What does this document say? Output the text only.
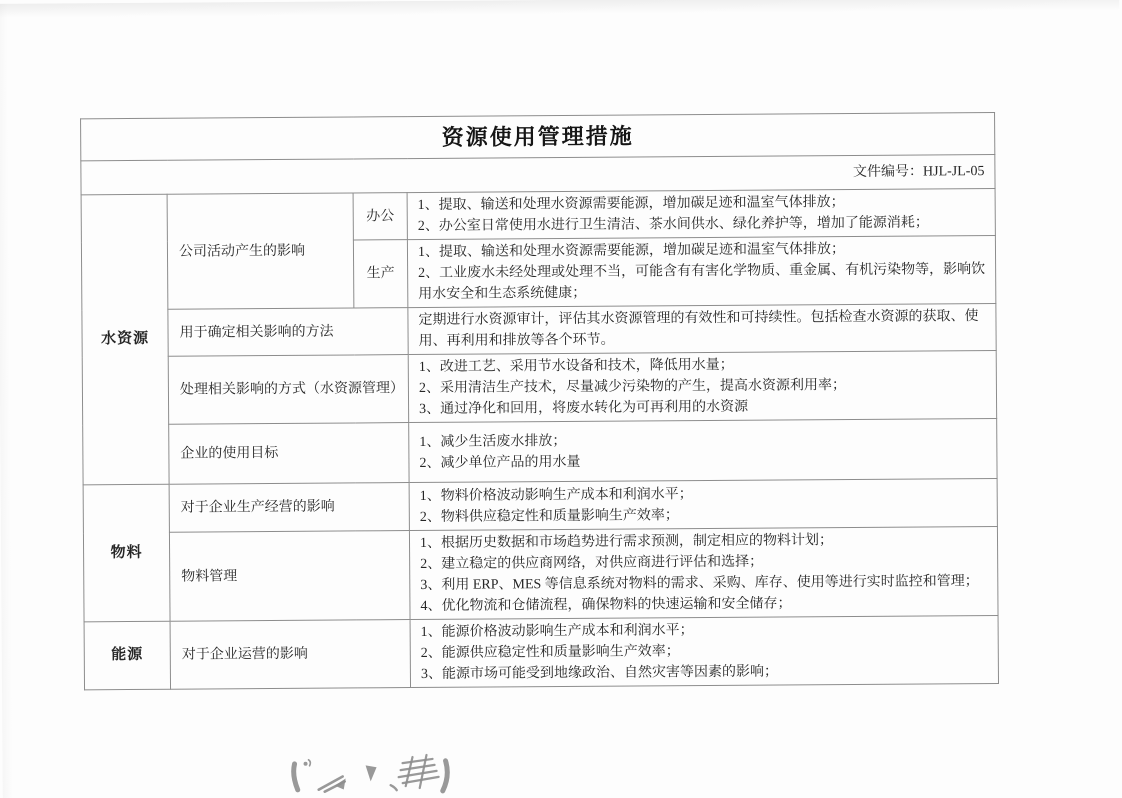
资源使用管理措施			
文件编号：HJL-JL-05			
水资源	公司活动产生的影响	办公	1、提取、输送和处理水资源需要能源，增加碳足迹和温室气体排放；
2、办公室日常使用水进行卫生清洁、茶水间供水、绿化养护等，增加了能源消耗；
		生产	1、提取、输送和处理水资源需要能源，增加碳足迹和温室气体排放；
2、工业废水未经处理或处理不当，可能含有有害化学物质、重金属、有机污染物等，影响饮用水安全和生态系统健康；
	用于确定相关影响的方法		定期进行水资源审计，评估其水资源管理的有效性和可持续性。包括检查水资源的获取、使用、再利用和排放等各个环节。
	处理相关影响的方式（水资源管理）		1、改进工艺、采用节水设备和技术，降低用水量；
2、采用清洁生产技术，尽量减少污染物的产生，提高水资源利用率；
3、通过净化和回用，将废水转化为可再利用的水资源
	企业的使用目标		1、减少生活废水排放；
2、减少单位产品的用水量
物料	对于企业生产经营的影响		1、物料价格波动影响生产成本和利润水平；
2、物料供应稳定性和质量影响生产效率；
	物料管理		1、根据历史数据和市场趋势进行需求预测，制定相应的物料计划；
2、建立稳定的供应商网络，对供应商进行评估和选择；
3、利用 ERP、MES 等信息系统对物料的需求、采购、库存、使用等进行实时监控和管理；
4、优化物流和仓储流程，确保物料的快速运输和安全储存；
能源	对于企业运营的影响		1、能源价格波动影响生产成本和利润水平；
2、能源供应稳定性和质量影响生产效率；
3、能源市场可能受到地缘政治、自然灾害等因素的影响；
